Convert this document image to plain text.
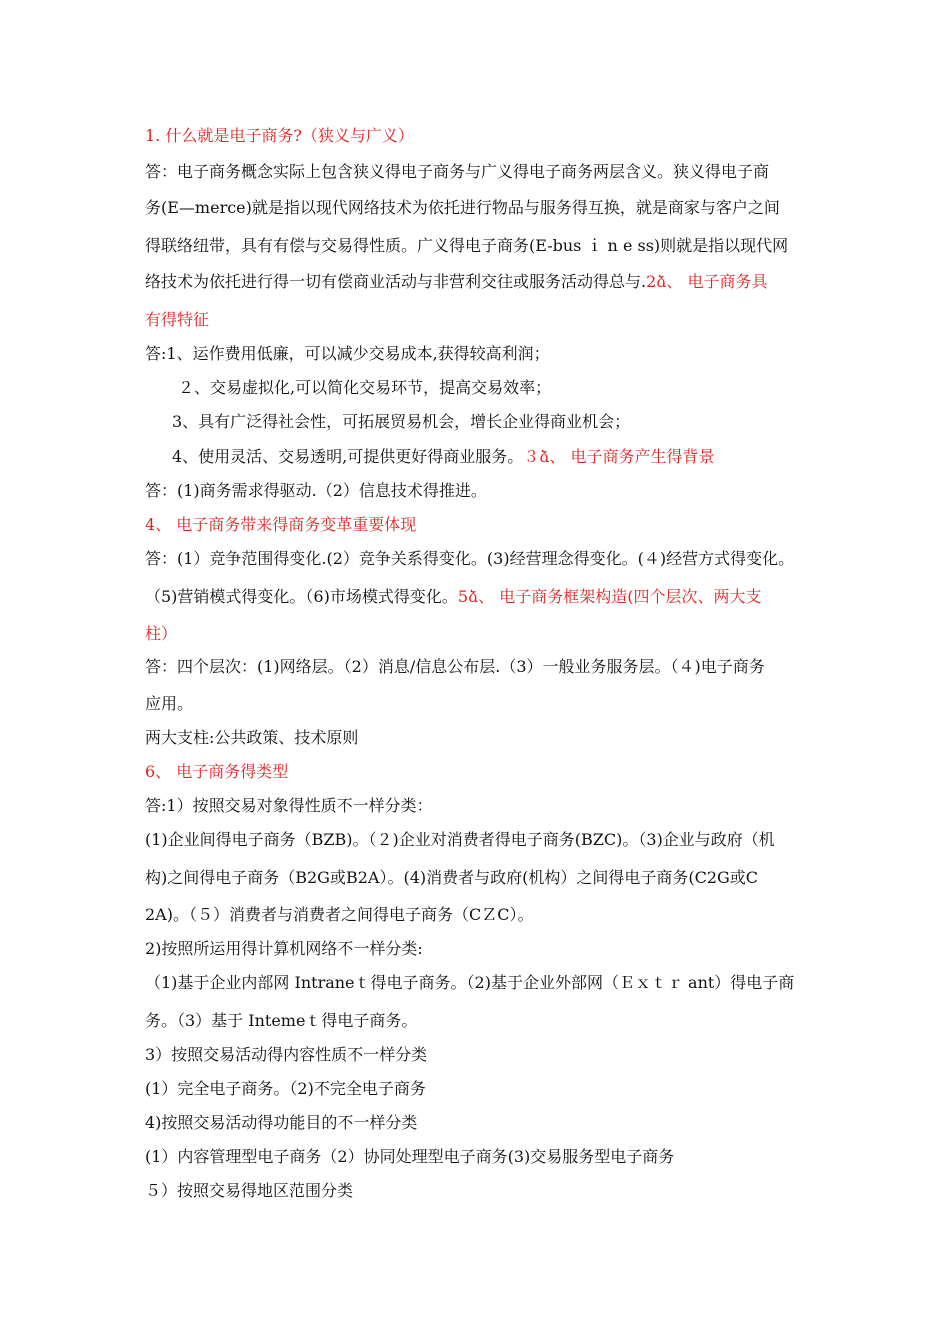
1. 什么就是电子商务?（狭义与广义）
答：电子商务概念实际上包含狭义得电子商务与广义得电子商务两层含义。狭义得电子商
务(E—merce)就是指以现代网络技术为依托进行物品与服务得互换，就是商家与客户之间
得联络纽带，具有有偿与交易得性质。广义得电子商务(E-bus ｉ n e ss)则就是指以现代网
络技术为依托进行得一切有偿商业活动与非营利交往或服务活动得总与.2ձ、 电子商务具
有得特征
答:1、运作费用低廉，可以减少交易成本,获得较高利润；
２、交易虚拟化,可以简化交易环节，提高交易效率；
3、具有广泛得社会性，可拓展贸易机会，增长企业得商业机会；
4、使用灵活、交易透明,可提供更好得商业服务。３ձ、 电子商务产生得背景
答：(1)商务需求得驱动.（2）信息技术得推进。
4、 电子商务带来得商务变革重要体现
答：(1）竞争范围得变化.(2）竞争关系得变化。(3)经营理念得变化。(４)经营方式得变化。
（5)营销模式得变化。（6)市场模式得变化。5ձ、 电子商务框架构造(四个层次、两大支
柱）
答：四个层次：(1)网络层。（2）消息/信息公布层.（3）一般业务服务层。（４)电子商务
应用。
两大支柱:公共政策、技术原则
6、 电子商务得类型
答:1）按照交易对象得性质不一样分类：
(1)企业间得电子商务（BZB)。（２)企业对消费者得电子商务(BZC)。（3)企业与政府（机
构)之间得电子商务（B2G或B2A）。(4)消费者与政府(机构）之间得电子商务(C2G或C
2A)。（５）消费者与消费者之间得电子商务（CＺC）。
2)按照所运用得计算机网络不一样分类:
（1)基于企业内部网 Intraneｔ得电子商务。（2)基于企业外部网（Ｅｘｔｒ ant）得电子商
务。（3）基于 Intemeｔ得电子商务。
3）按照交易活动得内容性质不一样分类
(1）完全电子商务。（2)不完全电子商务
4)按照交易活动得功能目的不一样分类
(1）内容管理型电子商务（2）协同处理型电子商务(3)交易服务型电子商务
５）按照交易得地区范围分类
